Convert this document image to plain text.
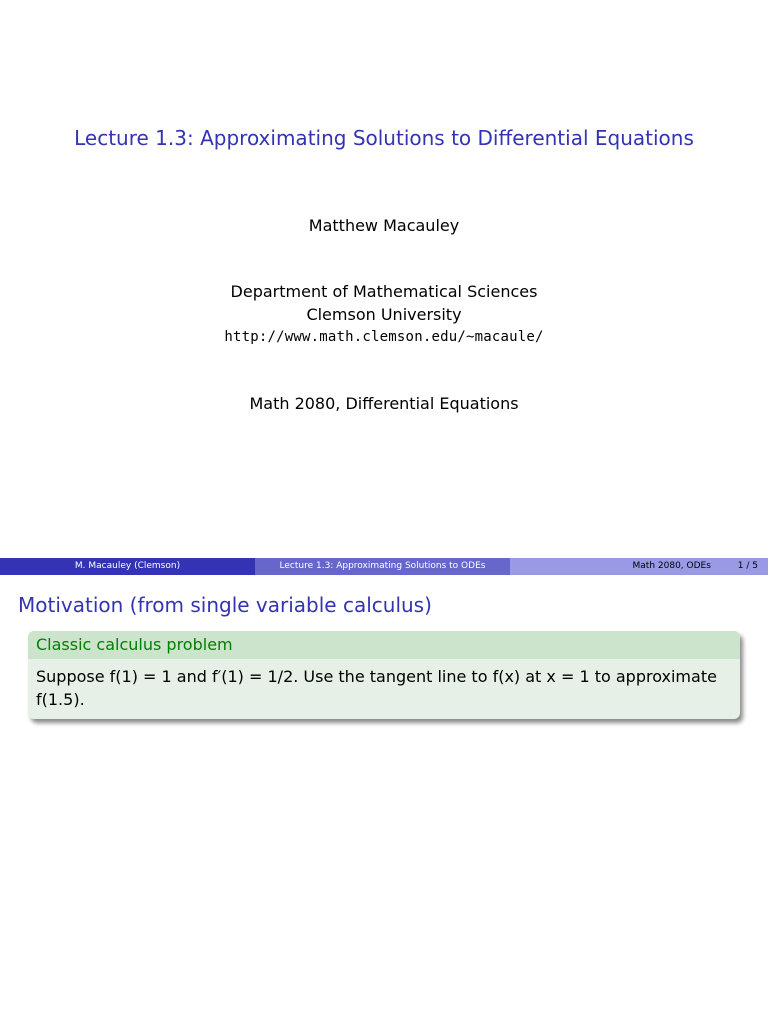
Lecture 1.3: Approximating Solutions to Differential Equations
Matthew Macauley
Department of Mathematical Sciences
Clemson University
http://www.math.clemson.edu/~macaule/
Math 2080, Differential Equations
M. Macauley (Clemson)	Lecture 1.3: Approximating Solutions to ODEs	Math 2080, ODEs	1 / 5
Motivation (from single variable calculus)
Classic calculus problem
Suppose f(1) = 1 and f′(1) = 1/2. Use the tangent line to f(x) at x = 1 to approximate f(1.5).
